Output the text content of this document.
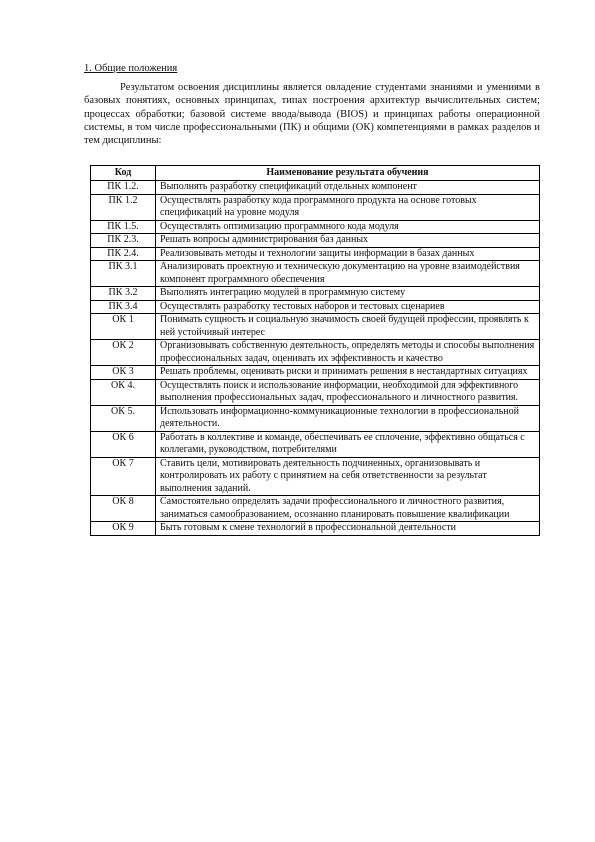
1. Общие положения

Результатом освоения дисциплины является овладение студентами знаниями и умениями в базовых понятиях, основных принципах, типах построения архитектур вычислительных систем; процессах обработки; базовой системе ввода/вывода (BIOS) и принципах работы операционной системы, в том числе профессиональными (ПК) и общими (ОК) компетенциями в рамках разделов и тем дисциплины:

Код	Наименование результата обучения
ПК 1.2.	Выполнять разработку спецификаций отдельных компонент
ПК 1.2	Осуществлять разработку кода программного продукта на основе готовых спецификаций на уровне модуля
ПК 1.5.	Осуществлять оптимизацию программного кода модуля
ПК 2.3.	Решать вопросы администрирования баз данных
ПК 2.4.	Реализовывать методы и технологии защиты информации в базах данных
ПК 3.1	Анализировать проектную и техническую документацию на уровне взаимодействия компонент программного обеспечения
ПК 3.2	Выполнять интеграцию модулей в программную систему
ПК 3.4	Осуществлять разработку тестовых наборов и тестовых сценариев
ОК 1	Понимать сущность и социальную значимость своей будущей профессии, проявлять к ней устойчивый интерес
ОК 2	Организовывать собственную деятельность, определять методы и способы выполнения профессиональных задач, оценивать их эффективность и качество
ОК 3	Решать проблемы, оценивать риски и принимать решения в нестандартных ситуациях
ОК 4.	Осуществлять поиск и использование информации, необходимой для эффективного выполнения профессиональных задач, профессионального и личностного развития.
ОК 5.	Использовать информационно-коммуникационные технологии в профессиональной деятельности.
ОК 6	Работать в коллективе и команде, обеспечивать ее сплочение, эффективно общаться с коллегами, руководством, потребителями
ОК 7	Ставить цели, мотивировать деятельность подчиненных, организовывать и контролировать их работу с принятием на себя ответственности за результат выполнения заданий.
ОК 8	Самостоятельно определять задачи профессионального и личностного развития, заниматься самообразованием, осознанно планировать повышение квалификации
ОК 9	Быть готовым к смене технологий в профессиональной деятельности
